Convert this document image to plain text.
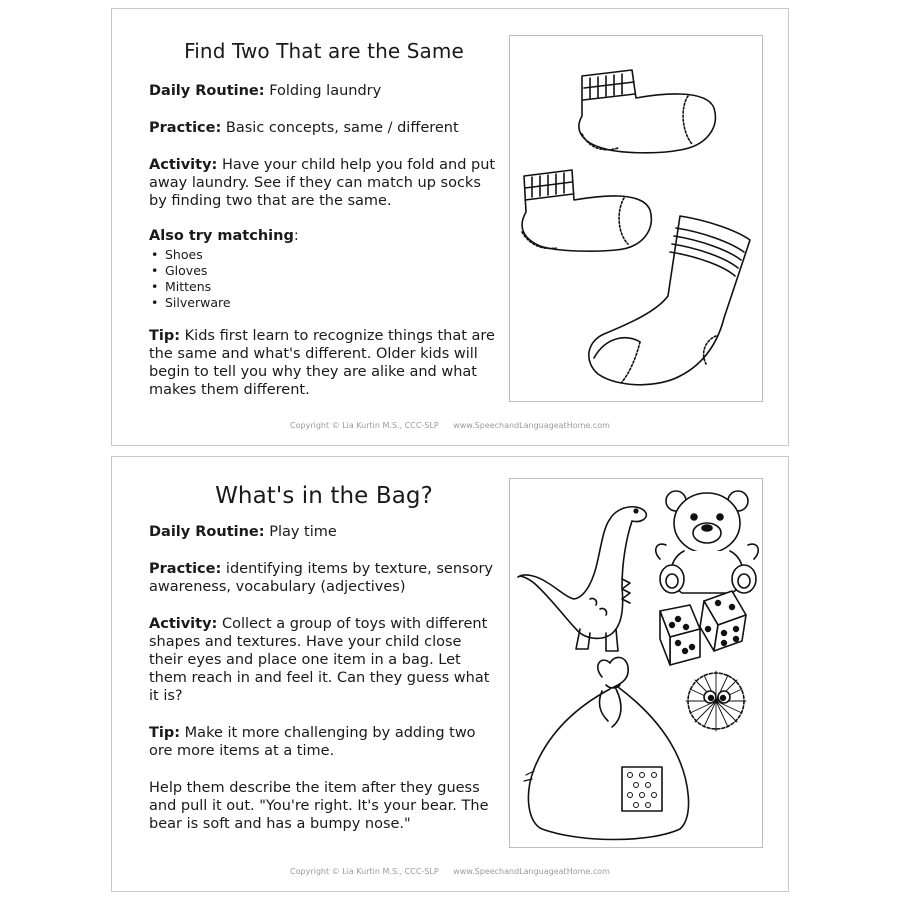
Find Two That are the Same

Daily Routine: Folding laundry

Practice: Basic concepts, same / different

Activity: Have your child help you fold and put away laundry. See if they can match up socks by finding two that are the same.

Also try matching:

• Shoes
• Gloves
• Mittens
• Silverware

Tip: Kids first learn to recognize things that are the same and what's different. Older kids will begin to tell you why they are alike and what makes them different.

Copyright © Lia Kurtin M.S., CCC-SLP www.SpeechandLanguageatHome.com
What's in the Bag?

Daily Routine: Play time

Practice: identifying items by texture, sensory awareness, vocabulary (adjectives)

Activity: Collect a group of toys with different shapes and textures. Have your child close their eyes and place one item in a bag. Let them reach in and feel it. Can they guess what it is?

Tip: Make it more challenging by adding two ore more items at a time.

Help them describe the item after they guess and pull it out. "You're right. It's your bear. The bear is soft and has a bumpy nose."

Copyright © Lia Kurtin M.S., CCC-SLP www.SpeechandLanguageatHome.com
